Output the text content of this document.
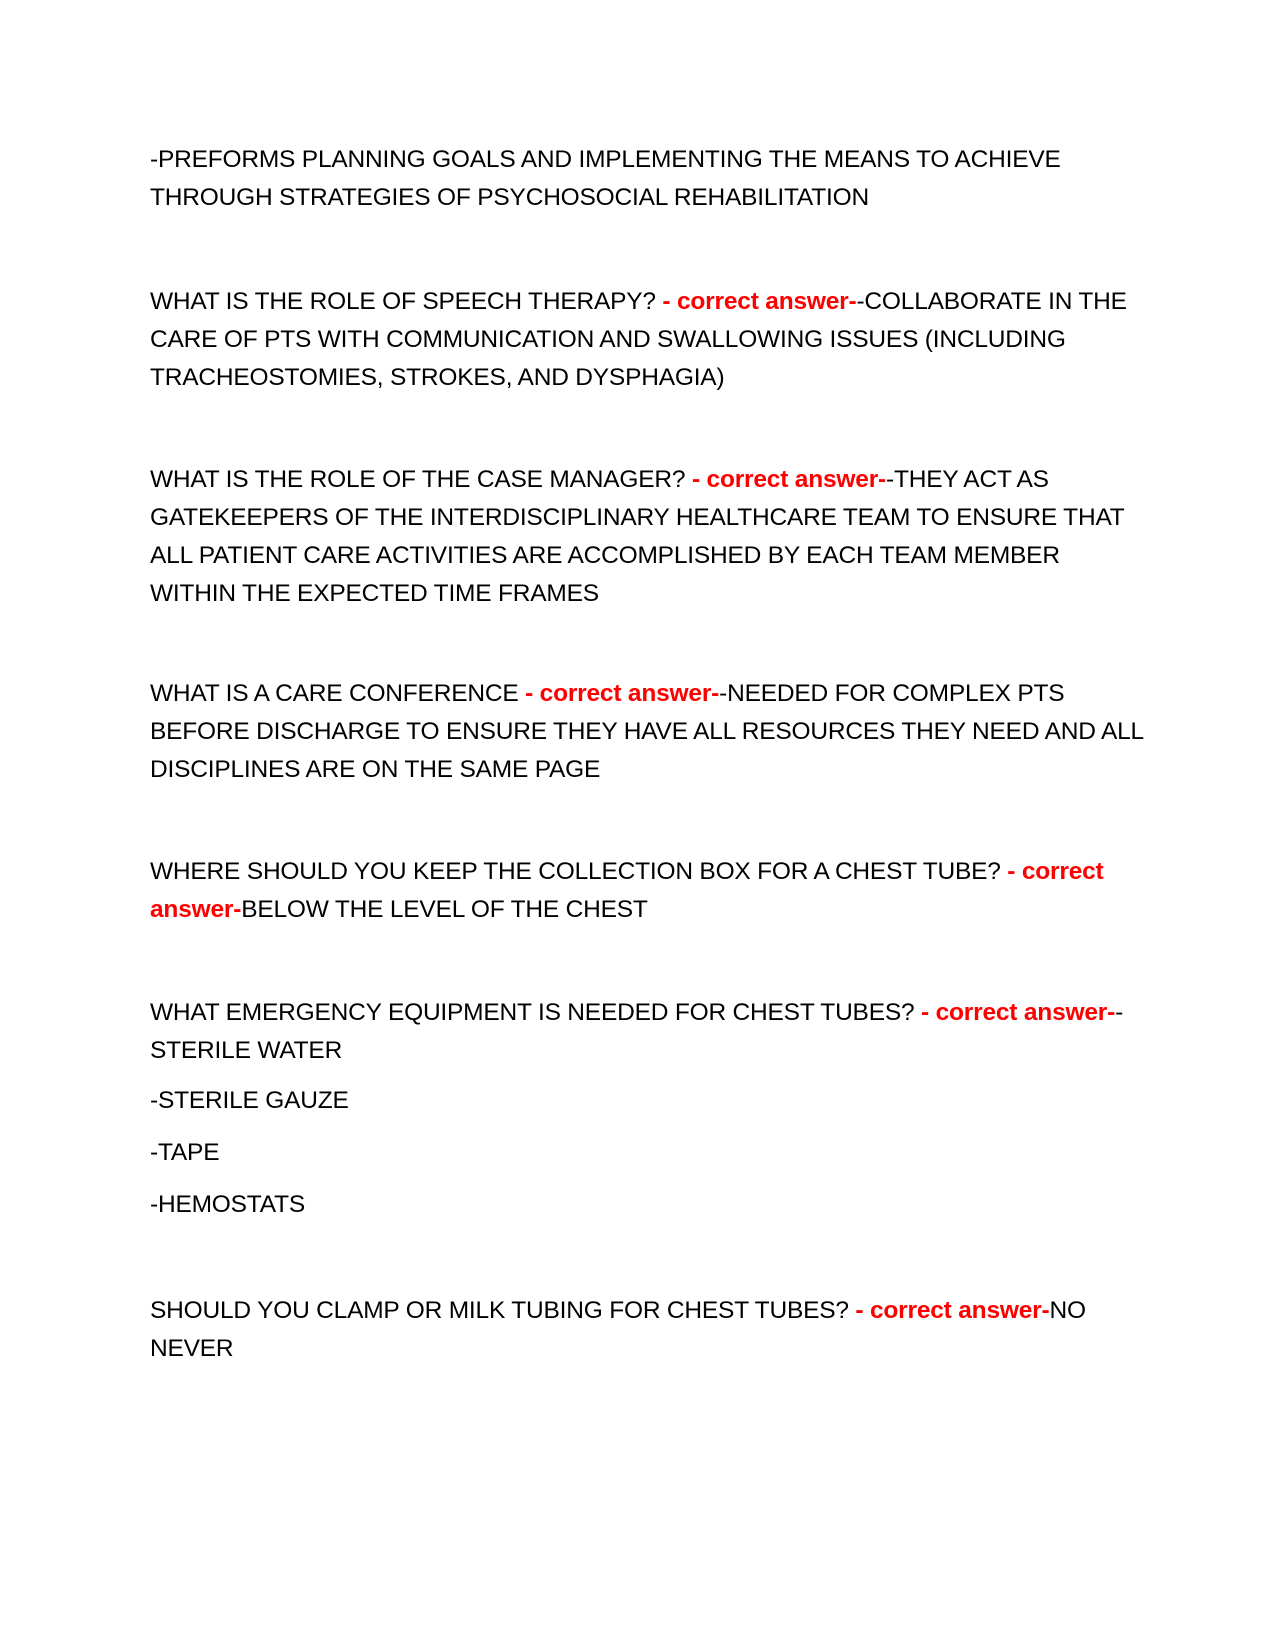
-PREFORMS PLANNING GOALS AND IMPLEMENTING THE MEANS TO ACHIEVE
THROUGH STRATEGIES OF PSYCHOSOCIAL REHABILITATION
WHAT IS THE ROLE OF SPEECH THERAPY? - correct answer--COLLABORATE IN THE
CARE OF PTS WITH COMMUNICATION AND SWALLOWING ISSUES (INCLUDING
TRACHEOSTOMIES, STROKES, AND DYSPHAGIA)
WHAT IS THE ROLE OF THE CASE MANAGER? - correct answer--THEY ACT AS
GATEKEEPERS OF THE INTERDISCIPLINARY HEALTHCARE TEAM TO ENSURE THAT
ALL PATIENT CARE ACTIVITIES ARE ACCOMPLISHED BY EACH TEAM MEMBER
WITHIN THE EXPECTED TIME FRAMES
WHAT IS A CARE CONFERENCE - correct answer--NEEDED FOR COMPLEX PTS
BEFORE DISCHARGE TO ENSURE THEY HAVE ALL RESOURCES THEY NEED AND ALL
DISCIPLINES ARE ON THE SAME PAGE
WHERE SHOULD YOU KEEP THE COLLECTION BOX FOR A CHEST TUBE? - correct
answer-BELOW THE LEVEL OF THE CHEST
WHAT EMERGENCY EQUIPMENT IS NEEDED FOR CHEST TUBES? - correct answer--
STERILE WATER

-STERILE GAUZE

-TAPE

-HEMOSTATS

SHOULD YOU CLAMP OR MILK TUBING FOR CHEST TUBES? - correct answer-NO
NEVER
